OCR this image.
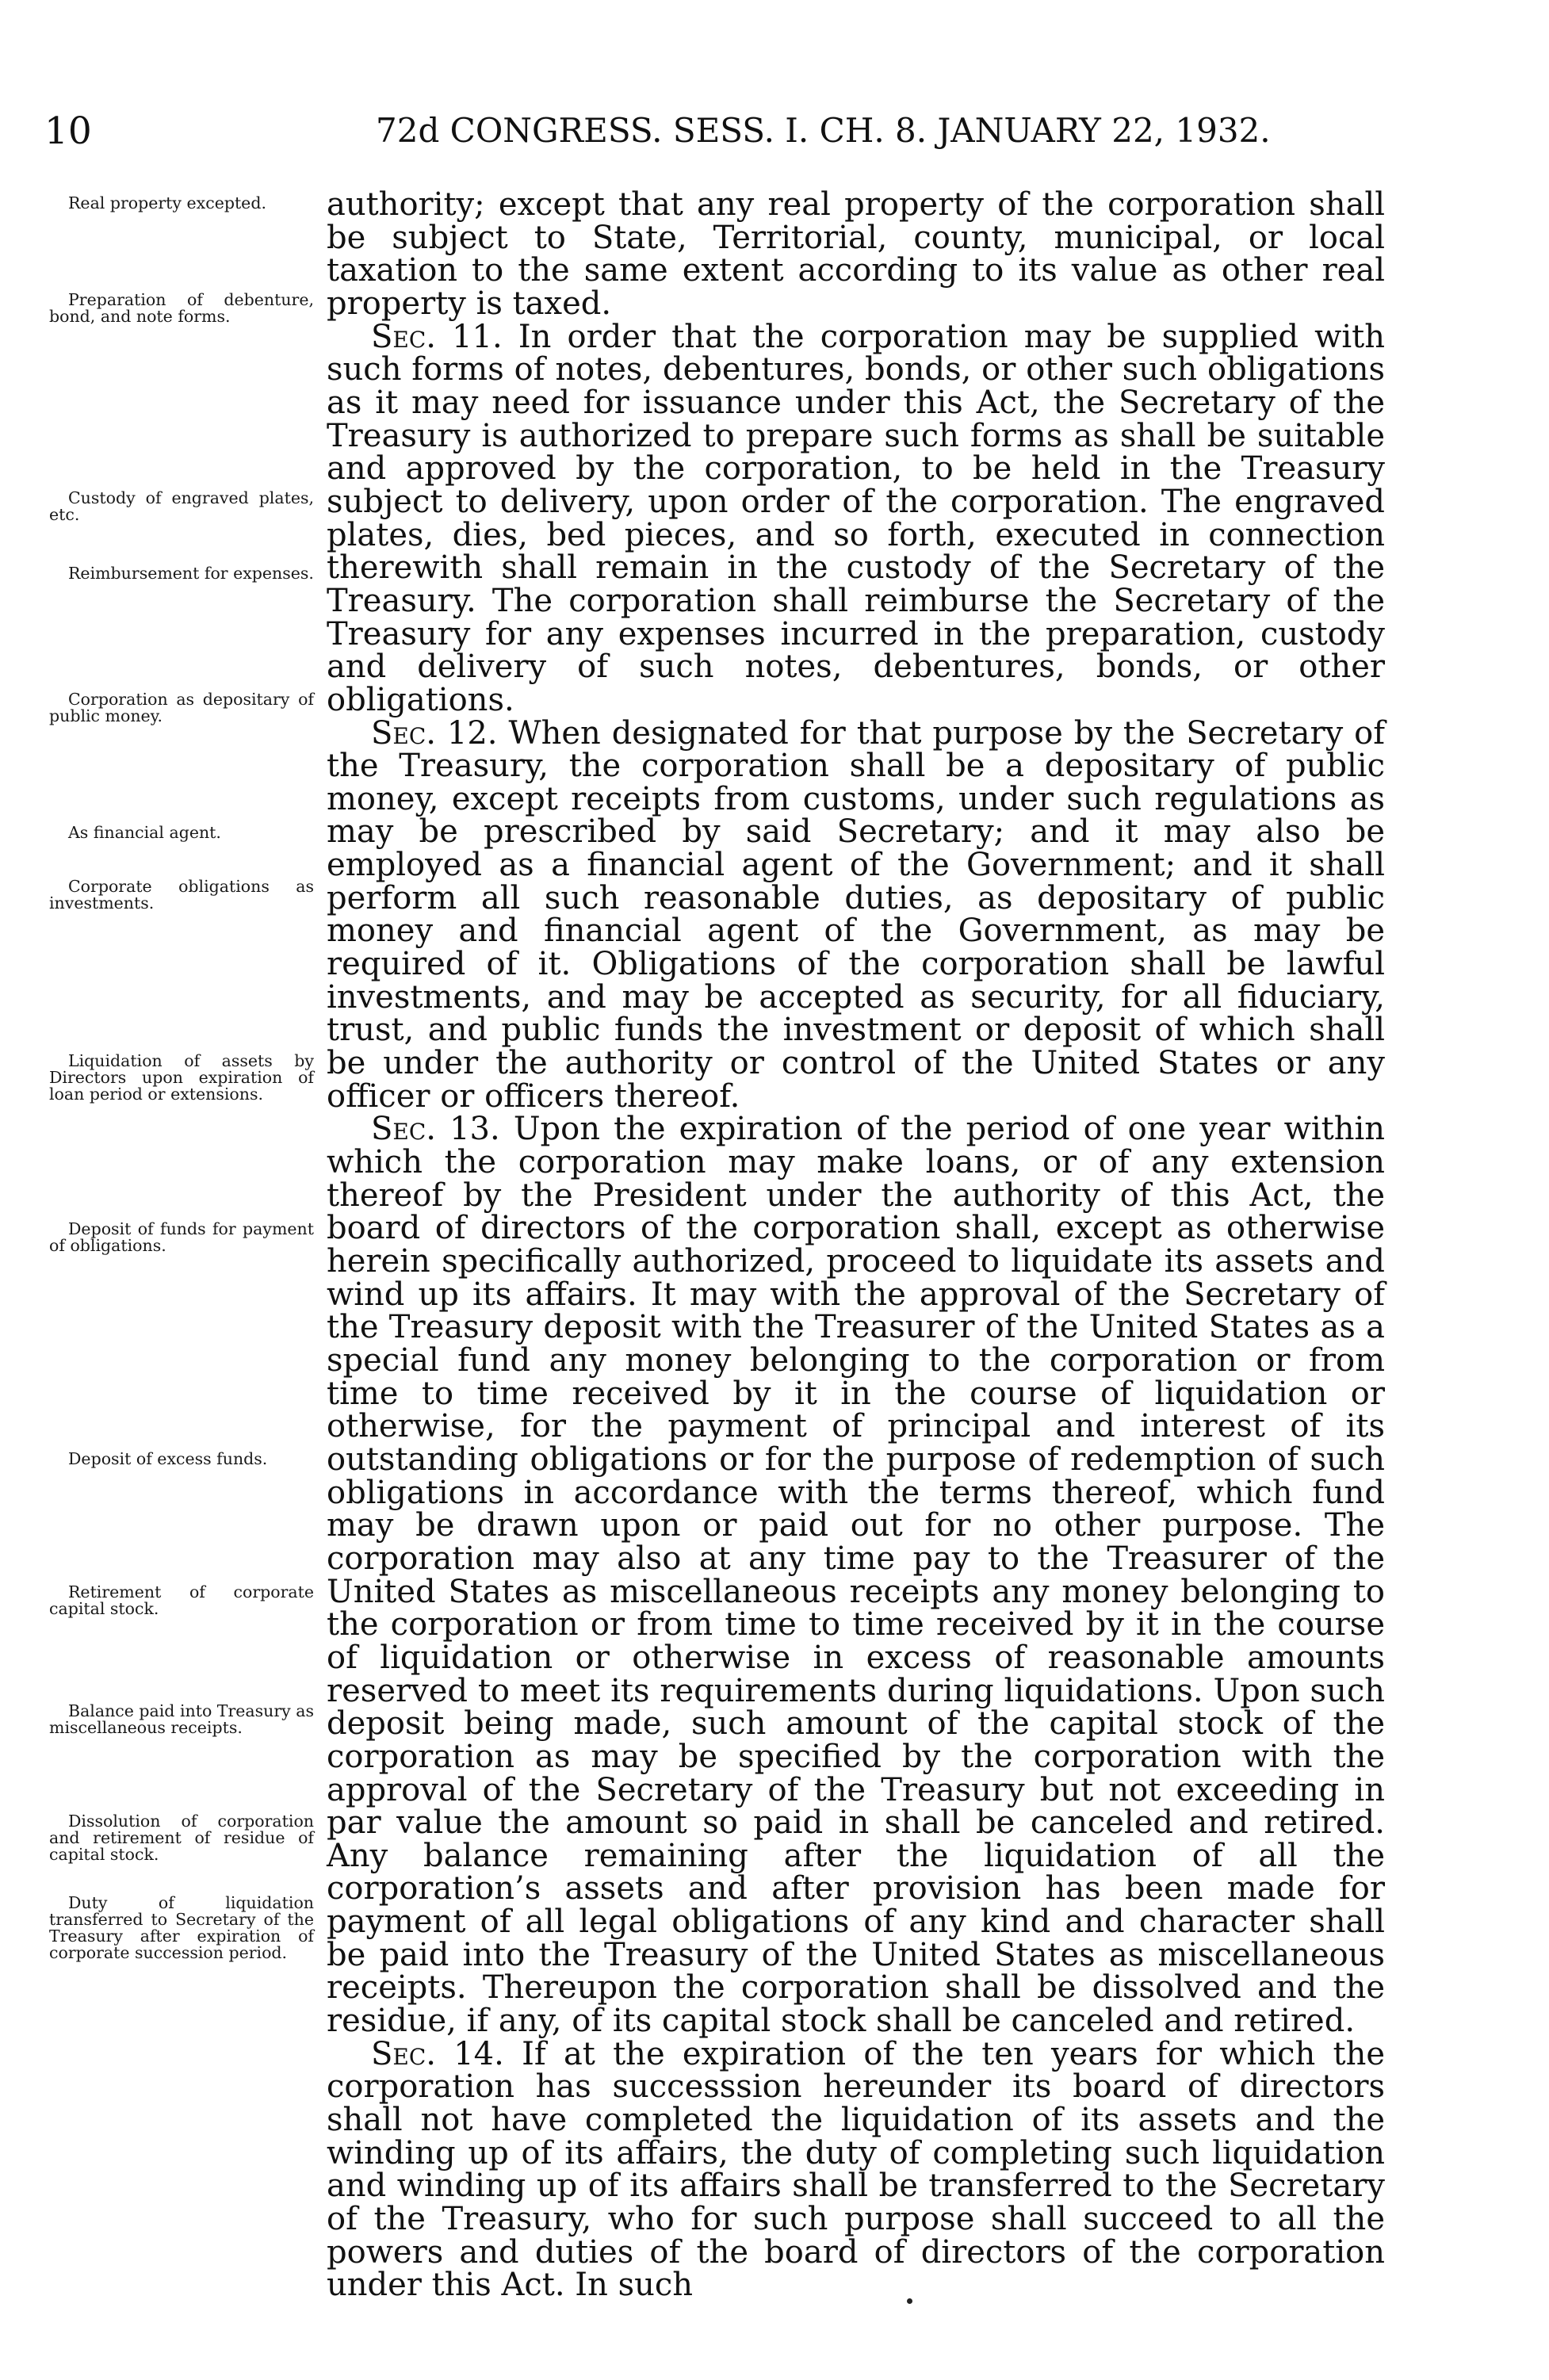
10	72d CONGRESS. SESS. I. CH. 8. JANUARY 22, 1932.

Real property excepted.

Preparation of debenture, bond, and note forms.

Custody of engraved plates, etc.

Reimbursement for expenses.

Corporation as depositary of public money.

As financial agent.

Corporate obligations as investments.

Liquidation of assets by Directors upon expiration of loan period or extensions.

Deposit of funds for payment of obligations.

Deposit of excess funds.

Retirement of corporate capital stock.

Balance paid into Treasury as miscellaneous receipts.

Dissolution of corporation and retirement of residue of capital stock.

Duty of liquidation transferred to Secretary of the Treasury after expiration of corporate succession period.

authority; except that any real property of the corporation shall be subject to State, Territorial, county, municipal, or local taxation to the same extent according to its value as other real property is taxed.

Sec. 11. In order that the corporation may be supplied with such forms of notes, debentures, bonds, or other such obligations as it may need for issuance under this Act, the Secretary of the Treasury is authorized to prepare such forms as shall be suitable and approved by the corporation, to be held in the Treasury subject to delivery, upon order of the corporation. The engraved plates, dies, bed pieces, and so forth, executed in connection therewith shall remain in the custody of the Secretary of the Treasury. The corporation shall reimburse the Secretary of the Treasury for any expenses incurred in the preparation, custody and delivery of such notes, debentures, bonds, or other obligations.

Sec. 12. When designated for that purpose by the Secretary of the Treasury, the corporation shall be a depositary of public money, except receipts from customs, under such regulations as may be prescribed by said Secretary; and it may also be employed as a financial agent of the Government; and it shall perform all such reasonable duties, as depositary of public money and financial agent of the Government, as may be required of it. Obligations of the corporation shall be lawful investments, and may be accepted as security, for all fiduciary, trust, and public funds the investment or deposit of which shall be under the authority or control of the United States or any officer or officers thereof.

Sec. 13. Upon the expiration of the period of one year within which the corporation may make loans, or of any extension thereof by the President under the authority of this Act, the board of directors of the corporation shall, except as otherwise herein specifically authorized, proceed to liquidate its assets and wind up its affairs. It may with the approval of the Secretary of the Treasury deposit with the Treasurer of the United States as a special fund any money belonging to the corporation or from time to time received by it in the course of liquidation or otherwise, for the payment of principal and interest of its outstanding obligations or for the purpose of redemption of such obligations in accordance with the terms thereof, which fund may be drawn upon or paid out for no other purpose. The corporation may also at any time pay to the Treasurer of the United States as miscellaneous receipts any money belonging to the corporation or from time to time received by it in the course of liquidation or otherwise in excess of reasonable amounts reserved to meet its requirements during liquidations. Upon such deposit being made, such amount of the capital stock of the corporation as may be specified by the corporation with the approval of the Secretary of the Treasury but not exceeding in par value the amount so paid in shall be canceled and retired. Any balance remaining after the liquidation of all the corporation’s assets and after provision has been made for payment of all legal obligations of any kind and character shall be paid into the Treasury of the United States as miscellaneous receipts. Thereupon the corporation shall be dissolved and the residue, if any, of its capital stock shall be canceled and retired.

Sec. 14. If at the expiration of the ten years for which the corporation has successsion hereunder its board of directors shall not have completed the liquidation of its assets and the winding up of its affairs, the duty of completing such liquidation and winding up of its affairs shall be transferred to the Secretary of the Treasury, who for such purpose shall succeed to all the powers and duties of the board of directors of the corporation under this Act. In such
